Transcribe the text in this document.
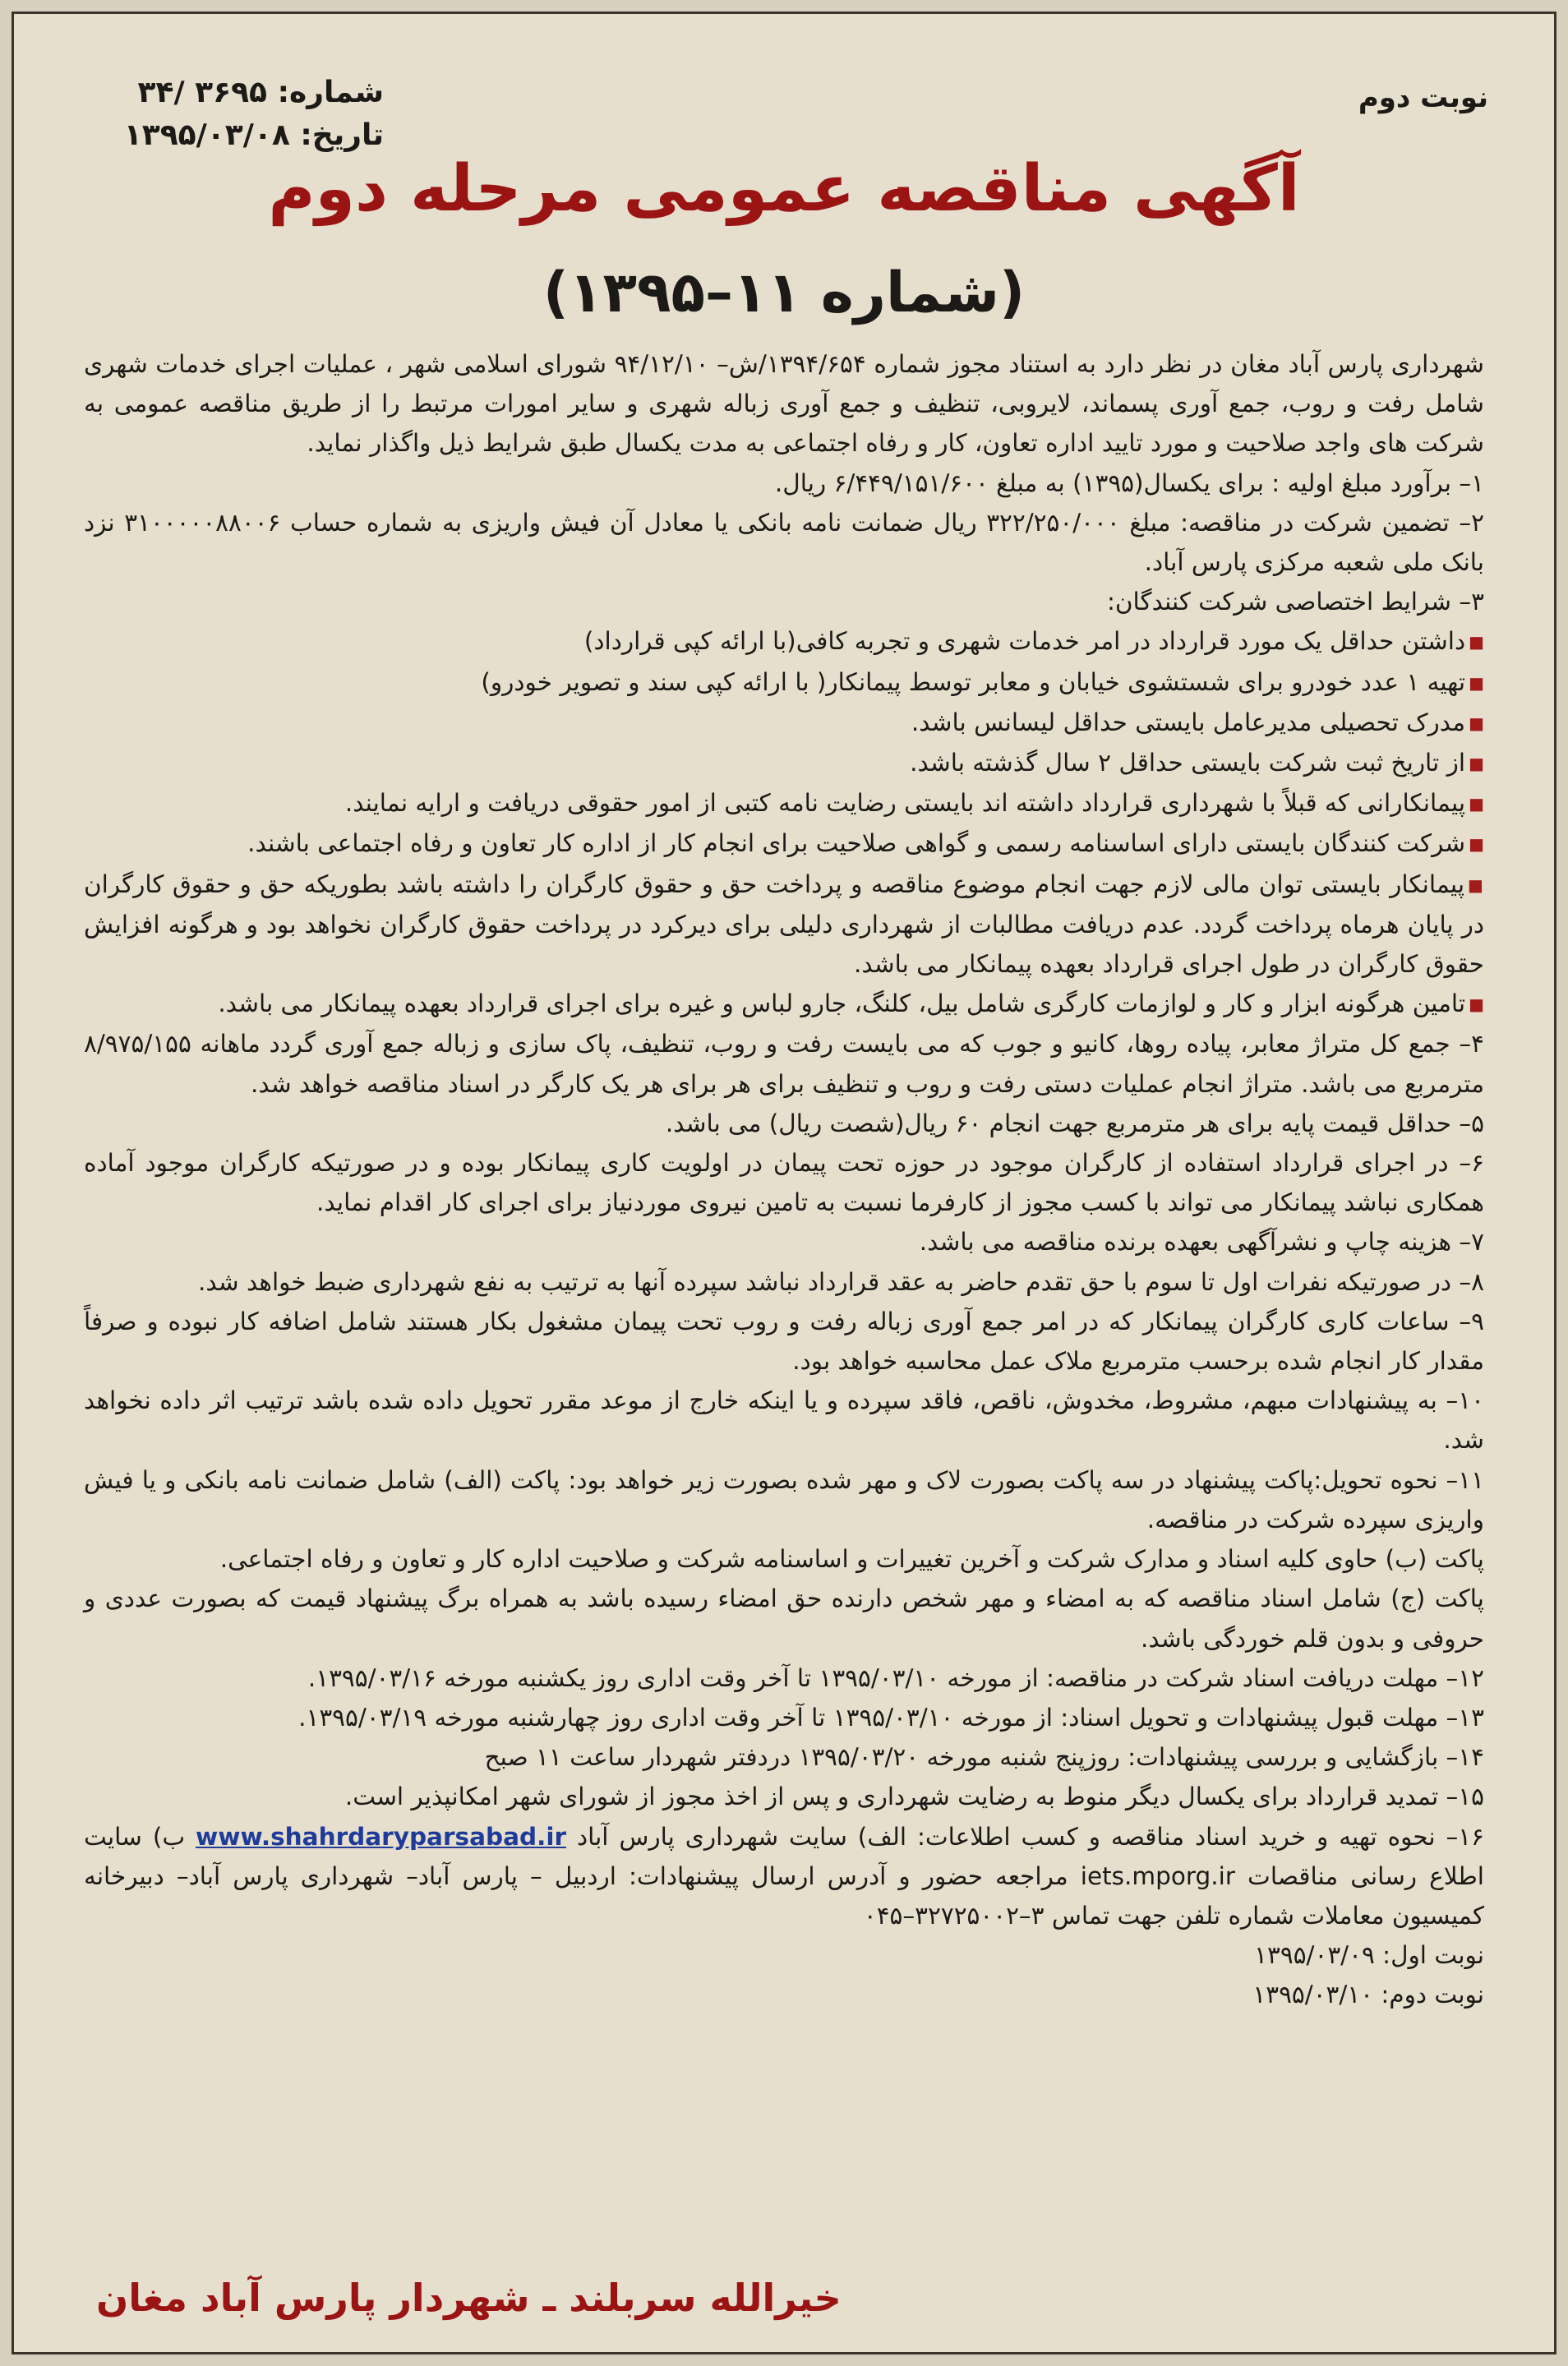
شماره: ۳۶۹۵ /۳۴
تاریخ: ۱۳۹۵/۰۳/۰۸
نوبت دوم
آگهی مناقصه عمومی مرحله دوم
(شماره ۱۱–۱۳۹۵)

شهرداری پارس آباد مغان در نظر دارد به استناد مجوز شماره ۱۳۹۴/۶۵۴/ش– ۹۴/۱۲/۱۰ شورای اسلامی شهر ، عملیات اجرای خدمات شهری شامل رفت و روب، جمع آوری پسماند، لایروبی، تنظیف و جمع آوری زباله شهری و سایر امورات مرتبط را از طریق مناقصه عمومی به شرکت های واجد صلاحیت و مورد تایید اداره تعاون، کار و رفاه اجتماعی به مدت یکسال طبق شرایط ذیل واگذار نماید.

۱– برآورد مبلغ اولیه : برای یکسال(۱۳۹۵) به مبلغ ۶/۴۴۹/۱۵۱/۶۰۰ ریال.

۲– تضمین شرکت در مناقصه: مبلغ ۳۲۲/۲۵۰/۰۰۰ ریال ضمانت نامه بانکی یا معادل آن فیش واریزی به شماره حساب ۳۱۰۰۰۰۰۸۸۰۰۶ نزد بانک ملی شعبه مرکزی پارس آباد.

۳– شرایط اختصاصی شرکت کنندگان:

■ داشتن حداقل یک مورد قرارداد در امر خدمات شهری و تجربه کافی(با ارائه کپی قرارداد)

■ تهیه ۱ عدد خودرو برای شستشوی خیابان و معابر توسط پیمانکار( با ارائه کپی سند و تصویر خودرو)

■ مدرک تحصیلی مدیرعامل بایستی حداقل لیسانس باشد.

■ از تاریخ ثبت شرکت بایستی حداقل ۲ سال گذشته باشد.

■ پیمانکارانی که قبلاً با شهرداری قرارداد داشته اند بایستی رضایت نامه کتبی از امور حقوقی دریافت و ارایه نمایند.

■ شرکت کنندگان بایستی دارای اساسنامه رسمی و گواهی صلاحیت برای انجام کار از اداره کار تعاون و رفاه اجتماعی باشند.

■ پیمانکار بایستی توان مالی لازم جهت انجام موضوع مناقصه و پرداخت حق و حقوق کارگران را داشته باشد بطوریکه حق و حقوق کارگران در پایان هرماه پرداخت گردد. عدم دریافت مطالبات از شهرداری دلیلی برای دیرکرد در پرداخت حقوق کارگران نخواهد بود و هرگونه افزایش حقوق کارگران در طول اجرای قرارداد بعهده پیمانکار می باشد.

■ تامین هرگونه ابزار و کار و لوازمات کارگری شامل بیل، کلنگ، جارو لباس و غیره برای اجرای قرارداد بعهده پیمانکار می باشد.

۴– جمع کل متراژ معابر، پیاده روها، کانیو و جوب که می بایست رفت و روب، تنظیف، پاک سازی و زباله جمع آوری گردد ماهانه ۸/۹۷۵/۱۵۵ مترمربع می باشد. متراژ انجام عملیات دستی رفت و روب و تنظیف برای هر برای هر یک کارگر در اسناد مناقصه خواهد شد.

۵– حداقل قیمت پایه برای هر مترمربع جهت انجام ۶۰ ریال(شصت ریال) می باشد.

۶– در اجرای قرارداد استفاده از کارگران موجود در حوزه تحت پیمان در اولویت کاری پیمانکار بوده و در صورتیکه کارگران موجود آماده همکاری نباشد پیمانکار می تواند با کسب مجوز از کارفرما نسبت به تامین نیروی موردنیاز برای اجرای کار اقدام نماید.

۷– هزینه چاپ و نشرآگهی بعهده برنده مناقصه می باشد.

۸– در صورتیکه نفرات اول تا سوم با حق تقدم حاضر به عقد قرارداد نباشد سپرده آنها به ترتیب به نفع شهرداری ضبط خواهد شد.

۹– ساعات کاری کارگران پیمانکار که در امر جمع آوری زباله رفت و روب تحت پیمان مشغول بکار هستند شامل اضافه کار نبوده و صرفاً مقدار کار انجام شده برحسب مترمربع ملاک عمل محاسبه خواهد بود.

۱۰– به پیشنهادات مبهم، مشروط، مخدوش، ناقص، فاقد سپرده و یا اینکه خارج از موعد مقرر تحویل داده شده باشد ترتیب اثر داده نخواهد شد.

۱۱– نحوه تحویل:پاکت پیشنهاد در سه پاکت بصورت لاک و مهر شده بصورت زیر خواهد بود: پاکت (الف) شامل ضمانت نامه بانکی و یا فیش واریزی سپرده شرکت در مناقصه.

پاکت (ب) حاوی کلیه اسناد و مدارک شرکت و آخرین تغییرات و اساسنامه شرکت و صلاحیت اداره کار و تعاون و رفاه اجتماعی.

پاکت (ج) شامل اسناد مناقصه که به امضاء و مهر شخص دارنده حق امضاء رسیده باشد به همراه برگ پیشنهاد قیمت که بصورت عددی و حروفی و بدون قلم خوردگی باشد.

۱۲– مهلت دریافت اسناد شرکت در مناقصه: از مورخه ۱۳۹۵/۰۳/۱۰ تا آخر وقت اداری روز یکشنبه مورخه ۱۳۹۵/۰۳/۱۶.

۱۳– مهلت قبول پیشنهادات و تحویل اسناد: از مورخه ۱۳۹۵/۰۳/۱۰ تا آخر وقت اداری روز چهارشنبه مورخه ۱۳۹۵/۰۳/۱۹.

۱۴– بازگشایی و بررسی پیشنهادات: روزپنج شنبه مورخه ۱۳۹۵/۰۳/۲۰ دردفتر شهردار ساعت ۱۱ صبح

۱۵– تمدید قرارداد برای یکسال دیگر منوط به رضایت شهرداری و پس از اخذ مجوز از شورای شهر امکانپذیر است.

۱۶– نحوه تهیه و خرید اسناد مناقصه و کسب اطلاعات: الف) سایت شهرداری پارس آباد www.shahrdaryparsabad.ir ب) سایت اطلاع رسانی مناقصات iets.mporg.ir مراجعه حضور و آدرس ارسال پیشنهادات: اردبیل – پارس آباد– شهرداری پارس آباد– دبیرخانه کمیسیون معاملات شماره تلفن جهت تماس ۳–۳۲۷۲۵۰۰۲–۰۴۵

نوبت اول: ۱۳۹۵/۰۳/۰۹

نوبت دوم: ۱۳۹۵/۰۳/۱۰

خیرالله سربلند ـ شهردار پارس آباد مغان
